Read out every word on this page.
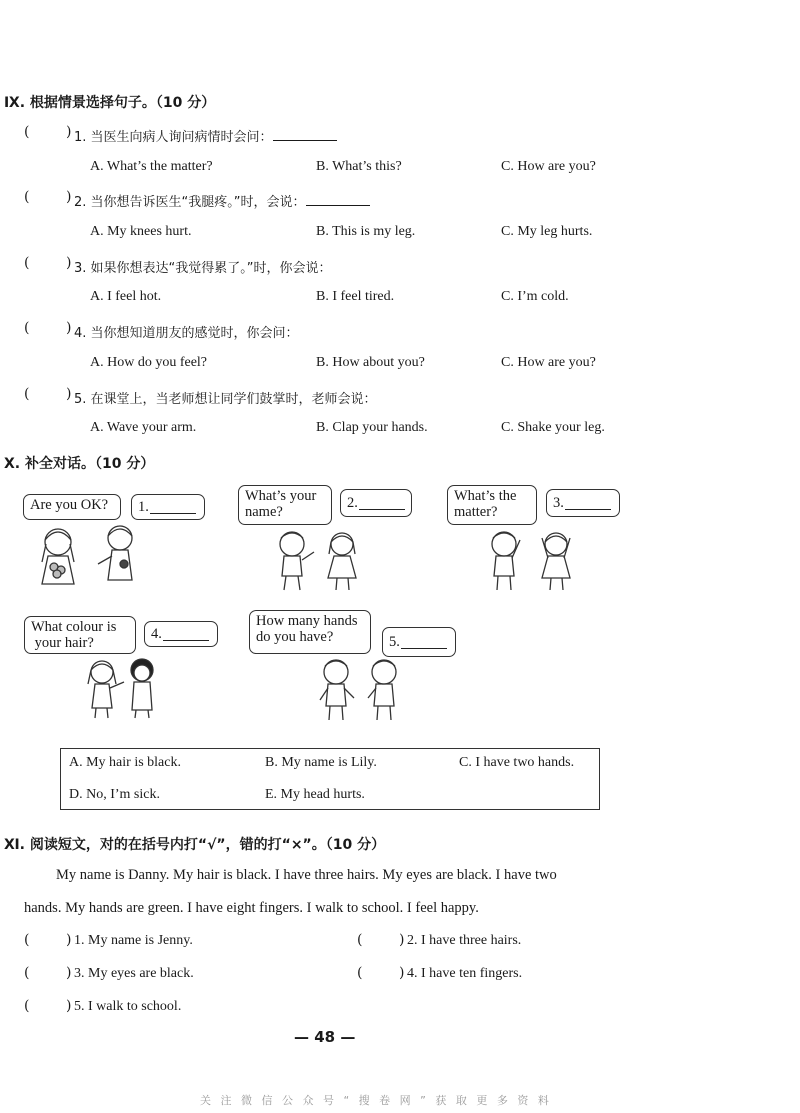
Ⅸ. 根据情景选择句子。（10 分）
(	) 1. 当医生向病人询问病情时会问：
A. What’s the matter?	B. What’s this?	C. How are you?
(	) 2. 当你想告诉医生“我腿疼。”时，会说：
A. My knees hurt.	B. This is my leg.	C. My leg hurts.
(	) 3. 如果你想表达“我觉得累了。”时，你会说：
A. I feel hot.	B. I feel tired.	C. I’m cold.
(	) 4. 当你想知道朋友的感觉时，你会问：
A. How do you feel?	B. How about you?	C. How are you?
(	) 5. 在课堂上，当老师想让同学们鼓掌时，老师会说：
A. Wave your arm.	B. Clap your hands.	C. Shake your leg.
Ⅹ. 补全对话。（10 分）
Are you OK?	1.
What’s your
name?
2.	What’s the
matter?
3.
What colour is
your hair?
4.
How many hands
do you have?	5.
A. My hair is black.	B. My name is Lily.	C. I have two hands.
D. No, I’m sick.	E. My head hurts.
Ⅺ. 阅读短文，对的在括号内打“√”，错的打“×”。（10 分）
My name is Danny. My hair is black. I have three hairs. My eyes are black. I have two
hands. My hands are green. I have eight fingers. I walk to school. I feel happy.
(	) 1. My name is Jenny.	(	) 2. I have three hairs.
(	) 3. My eyes are black.	(	) 4. I have ten fingers.
(	) 5. I walk to school.
— 48 —
关 注 微 信 公 众 号 “ 搜 卷 网 ” 获 取 更 多 资 料
